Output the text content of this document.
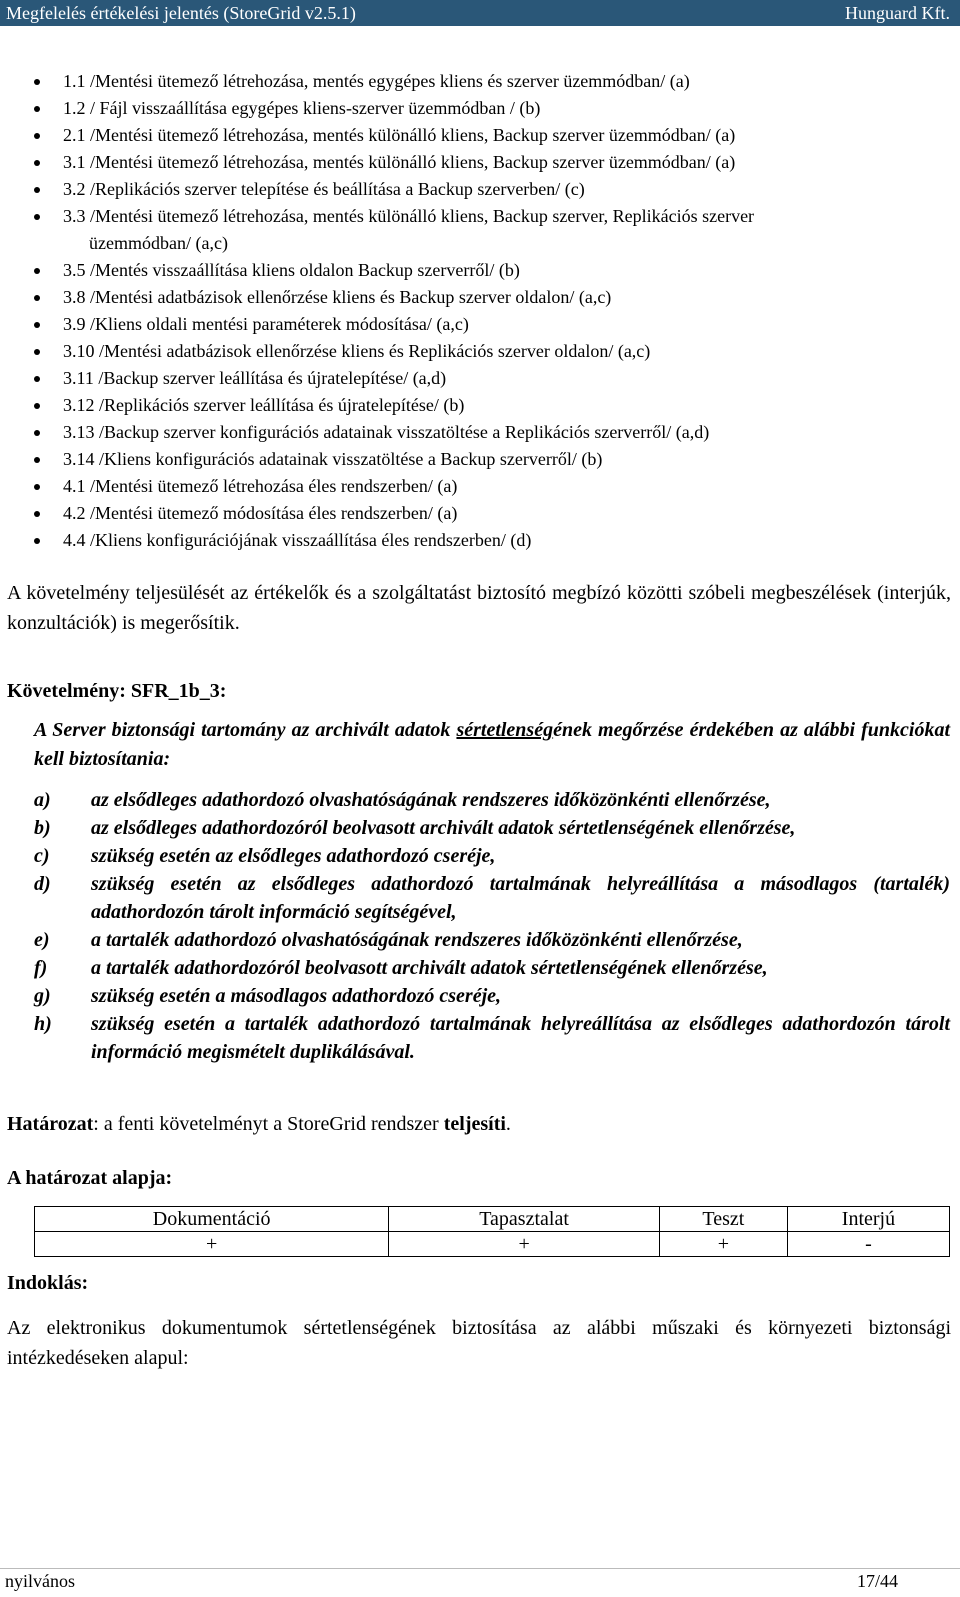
Megfelelés értékelési jelentés (StoreGrid v2.5.1)	Hunguard Kft.
1.1 /Mentési ütemező létrehozása, mentés egygépes kliens és szerver üzemmódban/ (a)
1.2 / Fájl visszaállítása egygépes kliens-szerver üzemmódban / (b)
2.1 /Mentési ütemező létrehozása, mentés különálló kliens, Backup szerver üzemmódban/ (a)
3.1 /Mentési ütemező létrehozása, mentés különálló kliens, Backup szerver üzemmódban/ (a)
3.2 /Replikációs szerver telepítése és beállítása a Backup szerverben/ (c)
3.3 /Mentési ütemező létrehozása, mentés különálló kliens, Backup szerver, Replikációs szerver
üzemmódban/ (a,c)
3.5 /Mentés visszaállítása kliens oldalon Backup szerverről/ (b)
3.8 /Mentési adatbázisok ellenőrzése kliens és Backup szerver oldalon/ (a,c)
3.9 /Kliens oldali mentési paraméterek módosítása/ (a,c)
3.10 /Mentési adatbázisok ellenőrzése kliens és Replikációs szerver oldalon/ (a,c)
3.11 /Backup szerver leállítása és újratelepítése/ (a,d)
3.12 /Replikációs szerver leállítása és újratelepítése/ (b)
3.13 /Backup szerver konfigurációs adatainak visszatöltése a Replikációs szerverről/ (a,d)
3.14 /Kliens konfigurációs adatainak visszatöltése a Backup szerverről/ (b)
4.1 /Mentési ütemező létrehozása éles rendszerben/ (a)
4.2 /Mentési ütemező módosítása éles rendszerben/ (a)
4.4 /Kliens konfigurációjának visszaállítása éles rendszerben/ (d)
A követelmény teljesülését az értékelők és a szolgáltatást biztosító megbízó közötti szóbeli megbeszélések (interjúk, konzultációk) is megerősítik.
Követelmény: SFR_1b_3:
A Server biztonsági tartomány az archivált adatok sértetlenségének megőrzése érdekében az alábbi funkciókat kell biztosítania:
a) az elsődleges adathordozó olvashatóságának rendszeres időközönkénti ellenőrzése,
b) az elsődleges adathordozóról beolvasott archivált adatok sértetlenségének ellenőrzése,
c) szükség esetén az elsődleges adathordozó cseréje,
d) szükség esetén az elsődleges adathordozó tartalmának helyreállítása a másodlagos (tartalék) adathordozón tárolt információ segítségével,
e) a tartalék adathordozó olvashatóságának rendszeres időközönkénti ellenőrzése,
f) a tartalék adathordozóról beolvasott archivált adatok sértetlenségének ellenőrzése,
g) szükség esetén a másodlagos adathordozó cseréje,
h) szükség esetén a tartalék adathordozó tartalmának helyreállítása az elsődleges adathordozón tárolt információ megismételt duplikálásával.
Határozat: a fenti követelményt a StoreGrid rendszer teljesíti.
A határozat alapja:
Dokumentáció	Tapasztalat	Teszt	Interjú
+	+	+	-
Indoklás:
Az elektronikus dokumentumok sértetlenségének biztosítása az alábbi műszaki és környezeti biztonsági intézkedéseken alapul:
nyilvános	17/44
